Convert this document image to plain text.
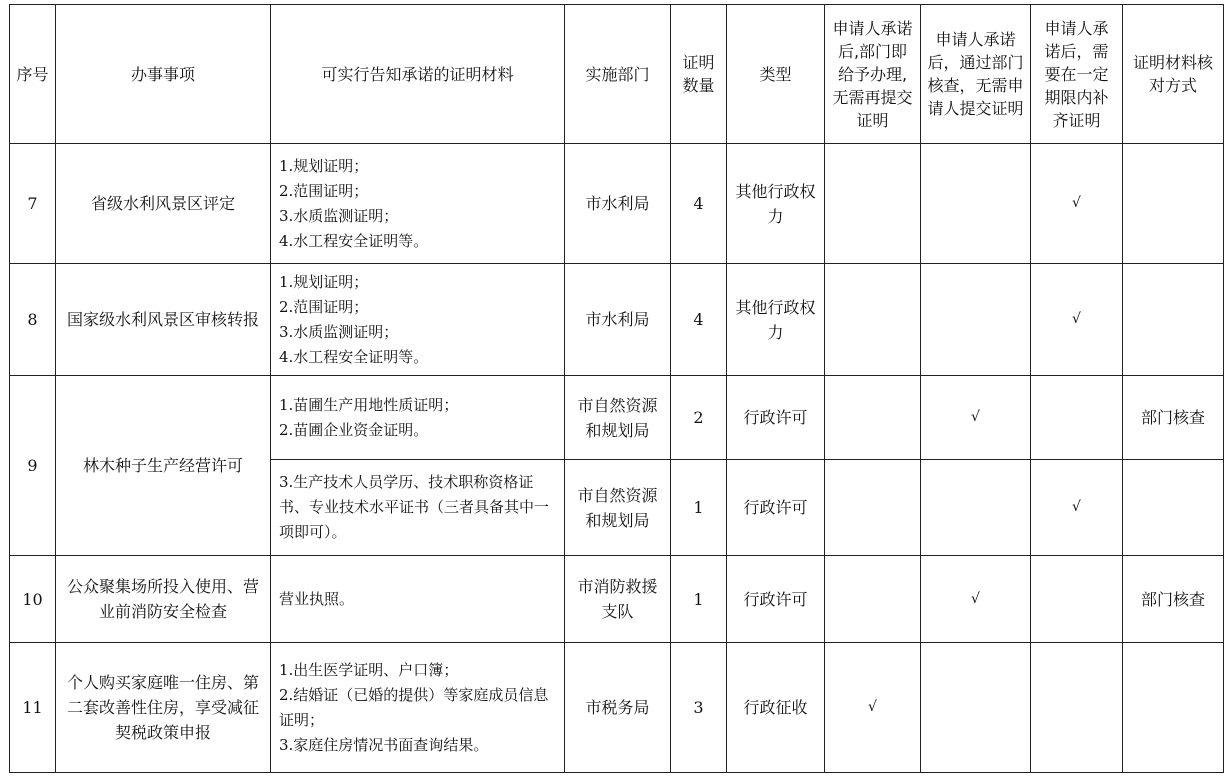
序号	办事事项	可实行告知承诺的证明材料	实施部门	证明数量	类型	申请人承诺后,部门即给予办理,无需再提交证明	申请人承诺后，通过部门核查，无需申请人提交证明	申请人承诺后，需要在一定期限内补齐证明	证明材料核对方式
7	省级水利风景区评定	1.规划证明；
2.范围证明；
3.水质监测证明；
4.水工程安全证明等。	市水利局	4	其他行政权力			√	
8	国家级水利风景区审核转报	1.规划证明；
2.范围证明；
3.水质监测证明；
4.水工程安全证明等。	市水利局	4	其他行政权力			√	
9	林木种子生产经营许可	1.苗圃生产用地性质证明；
2.苗圃企业资金证明。	市自然资源和规划局	2	行政许可		√		部门核查

		3.生产技术人员学历、技术职称资格证书、专业技术水平证书（三者具备其中一项即可）。	市自然资源和规划局	1	行政许可			√	
10	公众聚集场所投入使用、营业前消防安全检查	营业执照。	市消防救援支队	1	行政许可		√		部门核查
11	个人购买家庭唯一住房、第二套改善性住房，享受减征契税政策申报	1.出生医学证明、户口簿；
2.结婚证（已婚的提供）等家庭成员信息证明；
3.家庭住房情况书面查询结果。	市税务局	3	行政征收	√			
